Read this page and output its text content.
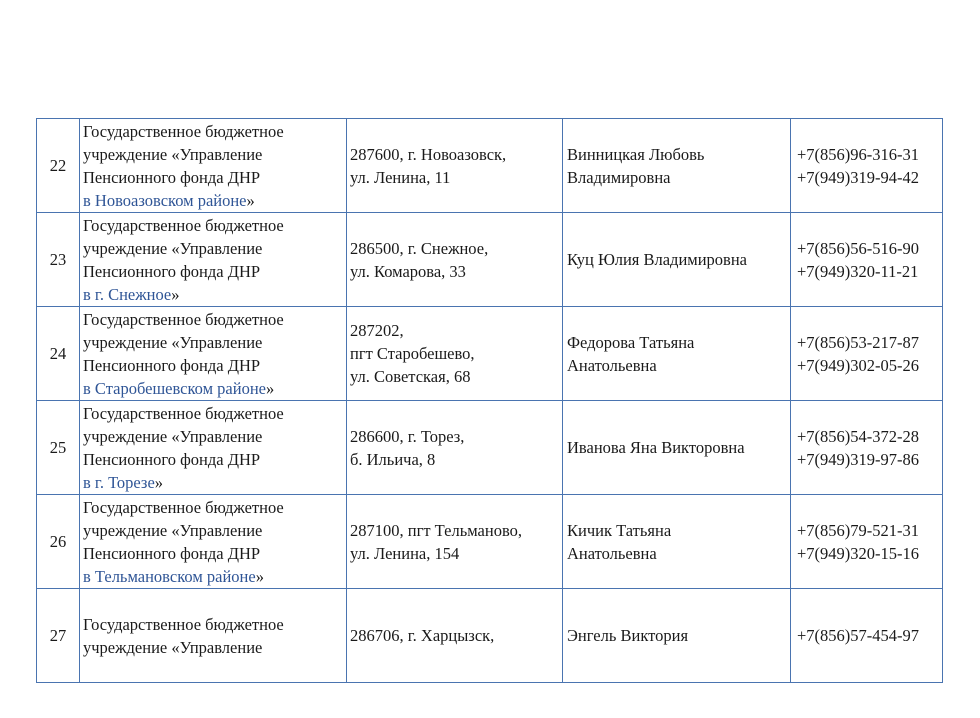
22	Государственное бюджетное
учреждение «Управление
Пенсионного фонда ДНР
в Новоазовском районе»	287600, г. Новоазовск,
ул. Ленина, 11	Винницкая Любовь
Владимировна	+7(856)96-316-31
+7(949)319-94-42

23	Государственное бюджетное
учреждение «Управление
Пенсионного фонда ДНР
в г. Снежное»	286500, г. Снежное,
ул. Комарова, 33	Куц Юлия Владимировна	+7(856)56-516-90
+7(949)320-11-21

24	Государственное бюджетное
учреждение «Управление
Пенсионного фонда ДНР
в Старобешевском районе»	287202,
пгт Старобешево,
ул. Советская, 68	Федорова Татьяна
Анатольевна	+7(856)53-217-87
+7(949)302-05-26

25	Государственное бюджетное
учреждение «Управление
Пенсионного фонда ДНР
в г. Торезе»	286600, г. Торез,
б. Ильича, 8	Иванова Яна Викторовна	+7(856)54-372-28
+7(949)319-97-86

26	Государственное бюджетное
учреждение «Управление
Пенсионного фонда ДНР
в Тельмановском районе»	287100, пгт Тельманово,
ул. Ленина, 154	Кичик Татьяна
Анатольевна	+7(856)79-521-31
+7(949)320-15-16

27	Государственное бюджетное
учреждение «Управление	286706, г. Харцызск,	Энгель Виктория	+7(856)57-454-97
